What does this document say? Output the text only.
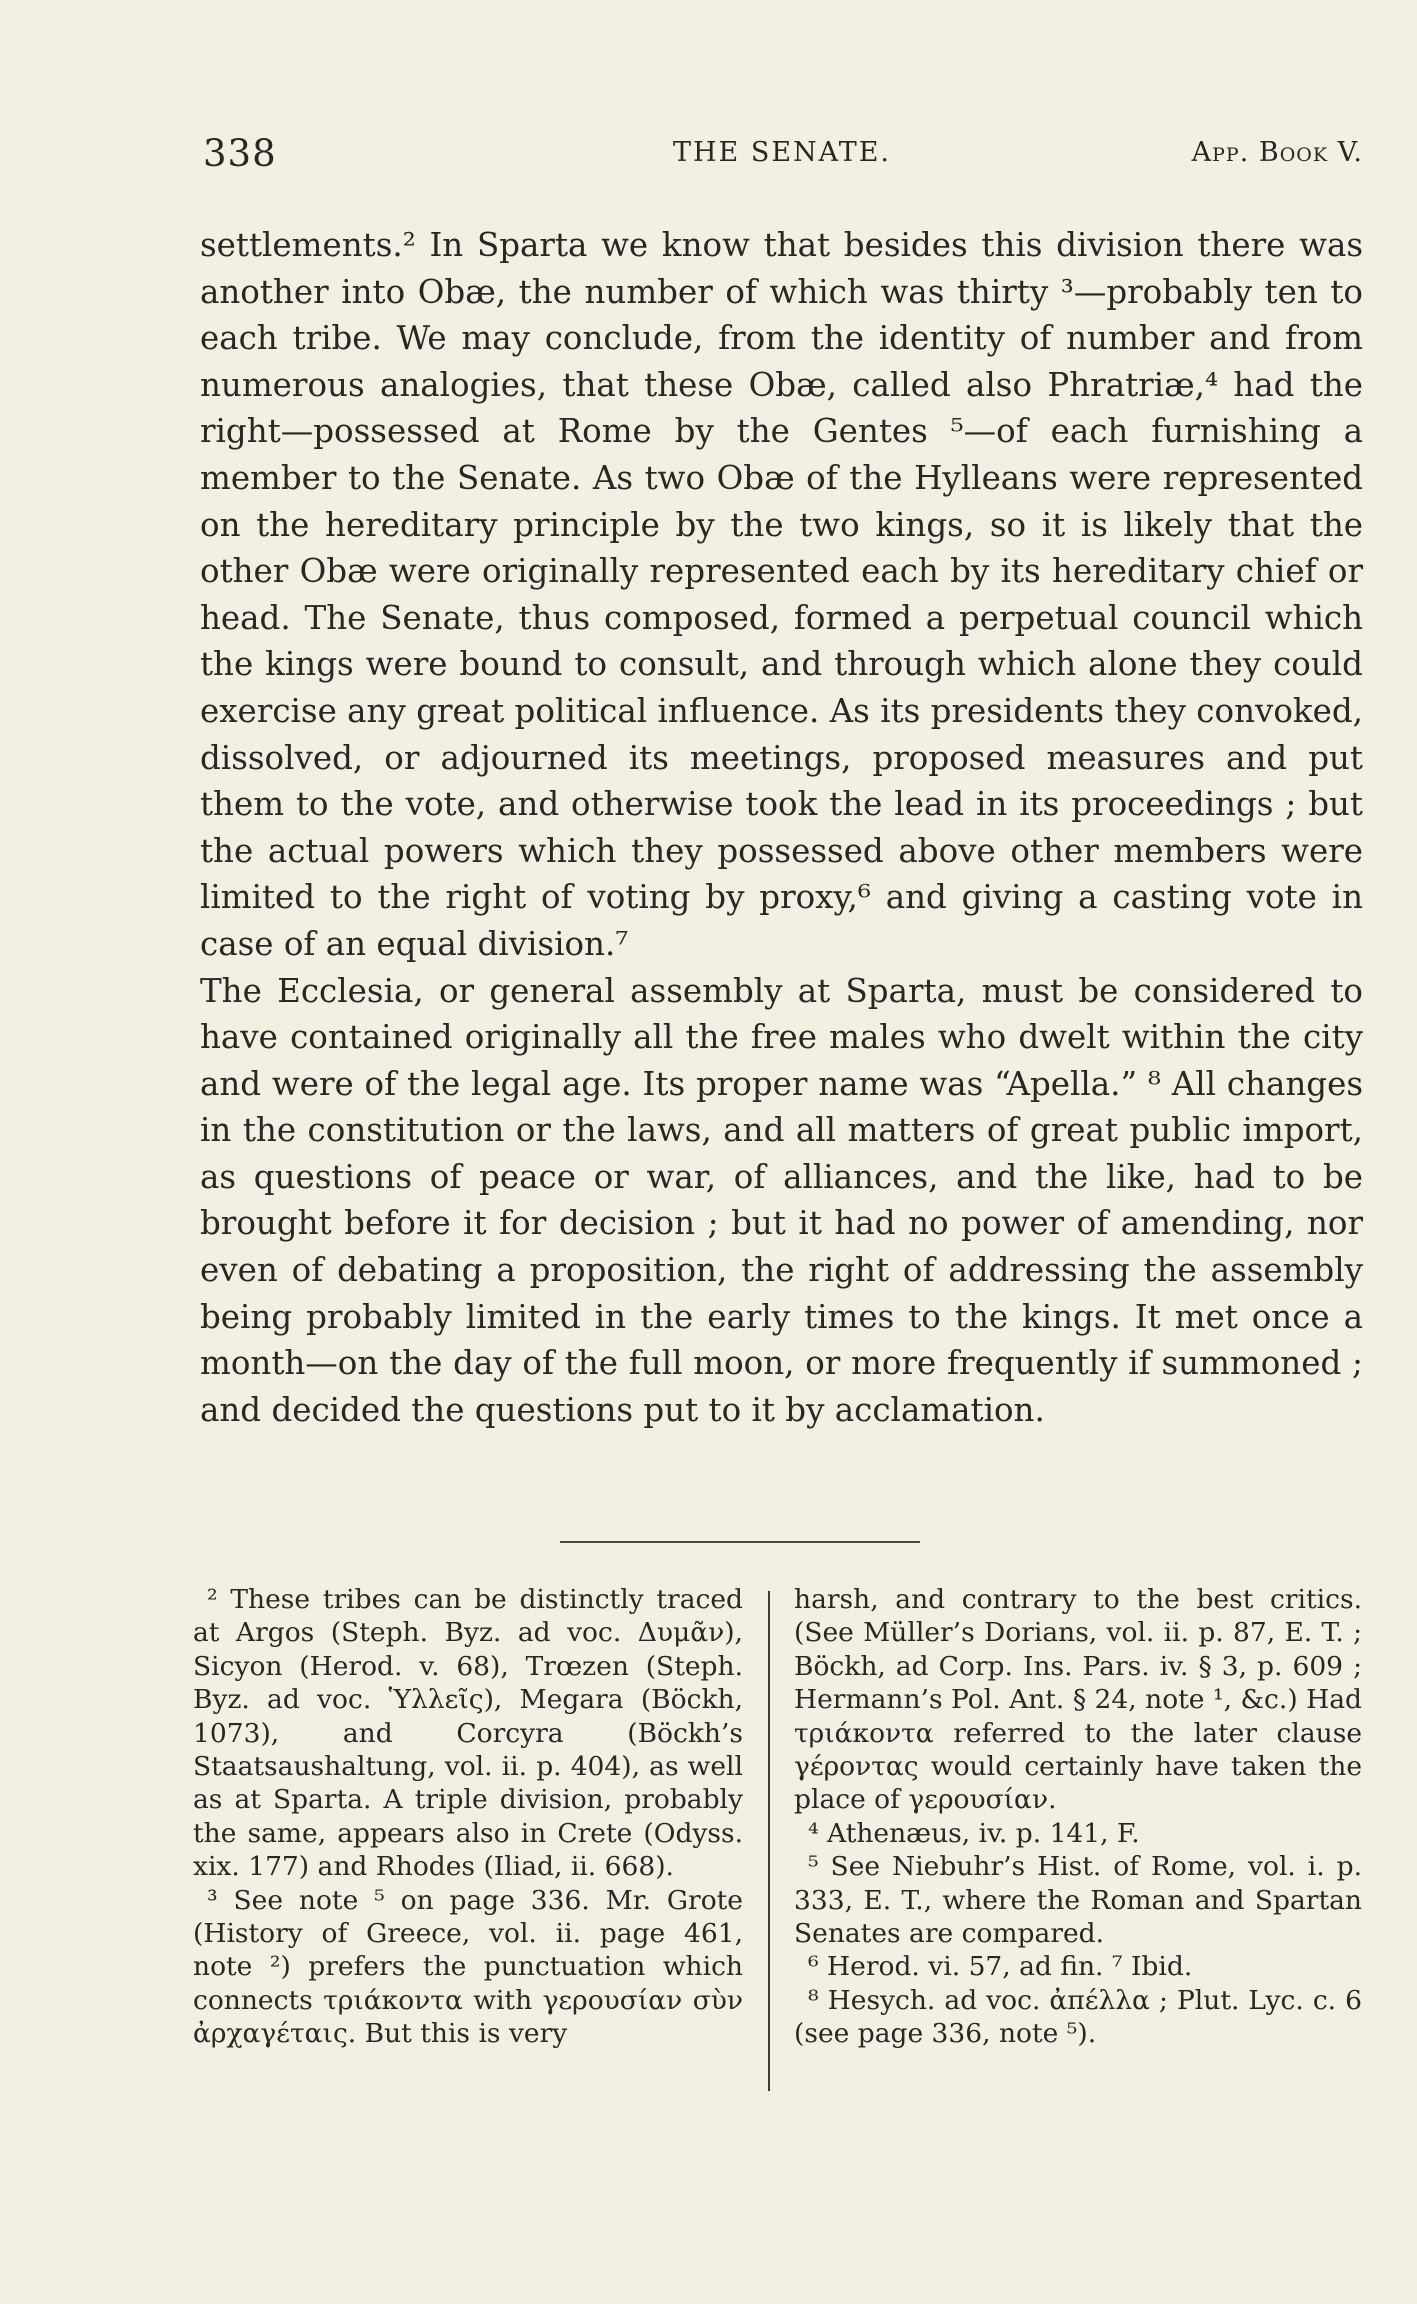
338	THE SENATE.	App. Book V.

settlements.² In Sparta we know that besides this division there was another into Obæ, the number of which was thirty ³—probably ten to each tribe. We may conclude, from the identity of number and from numerous analogies, that these Obæ, called also Phratriæ,⁴ had the right—possessed at Rome by the Gentes ⁵—of each furnishing a member to the Senate. As two Obæ of the Hylleans were represented on the hereditary principle by the two kings, so it is likely that the other Obæ were originally represented each by its hereditary chief or head. The Senate, thus composed, formed a perpetual council which the kings were bound to consult, and through which alone they could exercise any great political influence. As its presidents they convoked, dissolved, or adjourned its meetings, proposed measures and put them to the vote, and otherwise took the lead in its proceedings ; but the actual powers which they possessed above other members were limited to the right of voting by proxy,⁶ and giving a casting vote in case of an equal division.⁷

The Ecclesia, or general assembly at Sparta, must be considered to have contained originally all the free males who dwelt within the city and were of the legal age. Its proper name was “Apella.” ⁸ All changes in the constitution or the laws, and all matters of great public import, as questions of peace or war, of alliances, and the like, had to be brought before it for decision ; but it had no power of amending, nor even of debating a proposition, the right of addressing the assembly being probably limited in the early times to the kings. It met once a month—on the day of the full moon, or more frequently if summoned ; and decided the questions put to it by acclamation.

² These tribes can be distinctly traced at Argos (Steph. Byz. ad voc. Δυμᾶν), Sicyon (Herod. v. 68), Trœzen (Steph. Byz. ad voc. Ὑλλεῖς), Megara (Böckh, 1073), and Corcyra (Böckh’s Staatsaushaltung, vol. ii. p. 404), as well as at Sparta. A triple division, probably the same, appears also in Crete (Odyss. xix. 177) and Rhodes (Iliad, ii. 668).

³ See note ⁵ on page 336. Mr. Grote (History of Greece, vol. ii. page 461, note ²) prefers the punctuation which connects τριάκοντα with γερουσίαν σὺν ἀρχαγέταις. But this is very

harsh, and contrary to the best critics. (See Müller’s Dorians, vol. ii. p. 87, E. T. ; Böckh, ad Corp. Ins. Pars. iv. § 3, p. 609 ; Hermann’s Pol. Ant. § 24, note ¹, &c.) Had τριάκοντα referred to the later clause γέροντας would certainly have taken the place of γερουσίαν.

⁴ Athenæus, iv. p. 141, F.

⁵ See Niebuhr’s Hist. of Rome, vol. i. p. 333, E. T., where the Roman and Spartan Senates are compared.

⁶ Herod. vi. 57, ad fin. ⁷ Ibid.

⁸ Hesych. ad voc. ἀπέλλα ; Plut. Lyc. c. 6 (see page 336, note ⁵).
